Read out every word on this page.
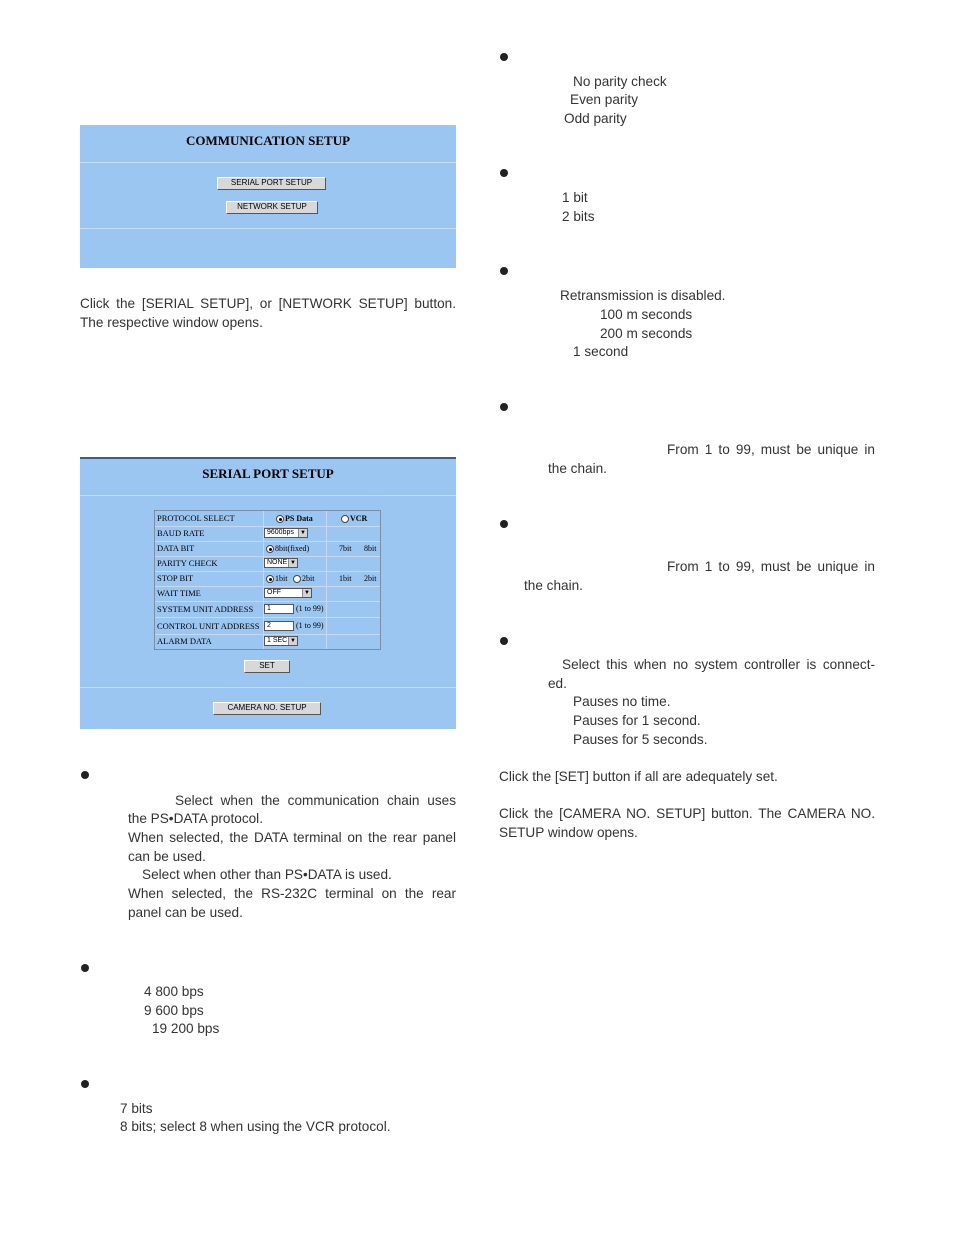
COMMUNICATION SETUP
SERIAL PORT SETUP
NETWORK SETUP
Click the [SERIAL SETUP], or [NETWORK SETUP] button.
The respective window opens.
SERIAL PORT SETUP
PROTOCOL SELECT	PS Data	VCR
BAUD RATE	9600bps	▼
DATA BIT	8bit(fixed)	7bit 8bit
PARITY CHECK	NONE ▼
STOP BIT	1bit 2bit	1bit 2bit
WAIT TIME	OFF	▼
SYSTEM UNIT ADDRESS	1	(1 to 99)
CONTROL UNIT ADDRESS	2	(1 to 99)
ALARM DATA	1 SEC ▼
SET
CAMERA NO. SETUP
Select when the communication chain uses
the PS•DATA protocol.
When selected, the DATA terminal on the rear panel
can be used.
Select when other than PS•DATA is used.
When selected, the RS-232C terminal on the rear
panel can be used.
4 800 bps
9 600 bps
19 200 bps
7 bits
8 bits; select 8 when using the VCR protocol.
No parity check
Even parity
Odd parity
1 bit
2 bits
Retransmission is disabled.
100 m seconds
200 m seconds
1 second
From 1 to 99, must be unique in
the chain.
From 1 to 99, must be unique in
the chain.
Select this when no system controller is connect-
ed.
Pauses no time.
Pauses for 1 second.
Pauses for 5 seconds.
Click the [SET] button if all are adequately set.
Click the [CAMERA NO. SETUP] button. The CAMERA NO.
SETUP window opens.
